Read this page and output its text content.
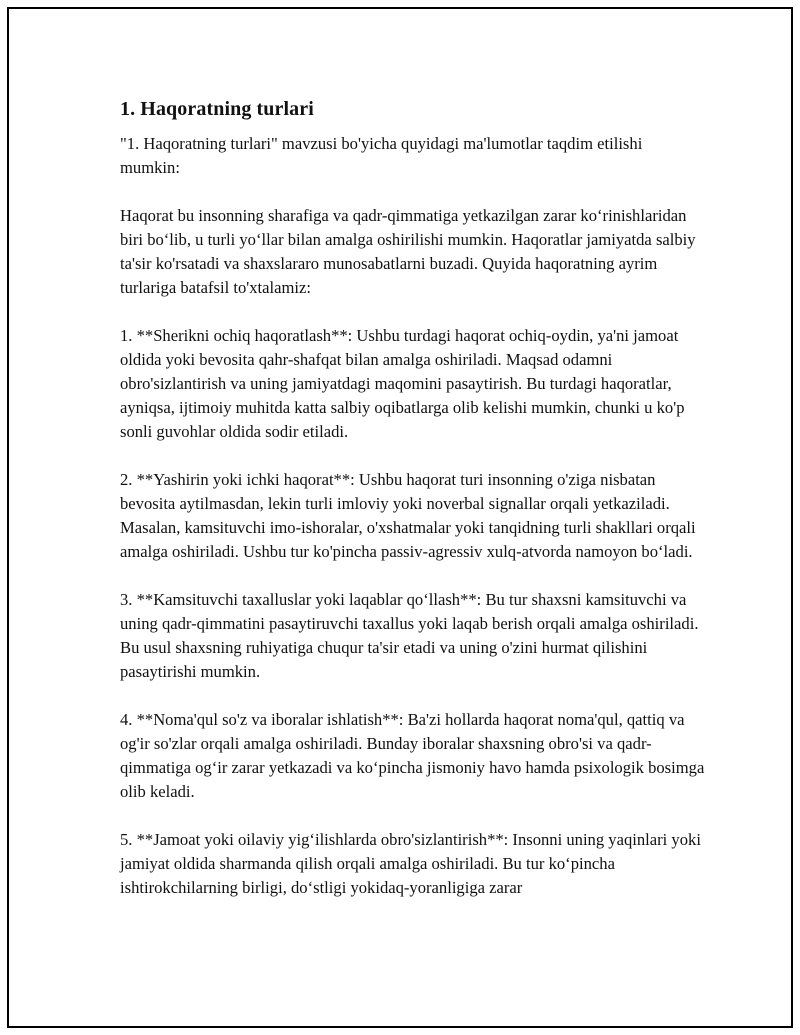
1. Haqoratning turlari

"1. Haqoratning turlari" mavzusi bo'yicha quyidagi ma'lumotlar taqdim etilishi mumkin:

Haqorat bu insonning sharafiga va qadr-qimmatiga yetkazilgan zarar koʻrinishlaridan biri boʻlib, u turli yoʻllar bilan amalga oshirilishi mumkin. Haqoratlar jamiyatda salbiy ta'sir ko'rsatadi va shaxslararo munosabatlarni buzadi. Quyida haqoratning ayrim turlariga batafsil to'xtalamiz:

1. **Sherikni ochiq haqoratlash**: Ushbu turdagi haqorat ochiq-oydin, ya'ni jamoat oldida yoki bevosita qahr-shafqat bilan amalga oshiriladi. Maqsad odamni obro'sizlantirish va uning jamiyatdagi maqomini pasaytirish. Bu turdagi haqoratlar, ayniqsa, ijtimoiy muhitda katta salbiy oqibatlarga olib kelishi mumkin, chunki u ko'p sonli guvohlar oldida sodir etiladi.

2. **Yashirin yoki ichki haqorat**: Ushbu haqorat turi insonning o'ziga nisbatan bevosita aytilmasdan, lekin turli imloviy yoki noverbal signallar orqali yetkaziladi. Masalan, kamsituvchi imo-ishoralar, o'xshatmalar yoki tanqidning turli shakllari orqali amalga oshiriladi. Ushbu tur ko'pincha passiv-agressiv xulq-atvorda namoyon boʻladi.

3. **Kamsituvchi taxalluslar yoki laqablar qoʻllash**: Bu tur shaxsni kamsituvchi va uning qadr-qimmatini pasaytiruvchi taxallus yoki laqab berish orqali amalga oshiriladi. Bu usul shaxsning ruhiyatiga chuqur ta'sir etadi va uning o'zini hurmat qilishini pasaytirishi mumkin.

4. **Noma'qul so'z va iboralar ishlatish**: Ba'zi hollarda haqorat noma'qul, qattiq va og'ir so'zlar orqali amalga oshiriladi. Bunday iboralar shaxsning obro'si va qadr-qimmatiga ogʻir zarar yetkazadi va koʻpincha jismoniy havo hamda psixologik bosimga olib keladi.

5. **Jamoat yoki oilaviy yigʻilishlarda obro'sizlantirish**: Insonni uning yaqinlari yoki jamiyat oldida sharmanda qilish orqali amalga oshiriladi. Bu tur koʻpincha ishtirokchilarning birligi, doʻstligi yokidaq-yoranligiga zarar
